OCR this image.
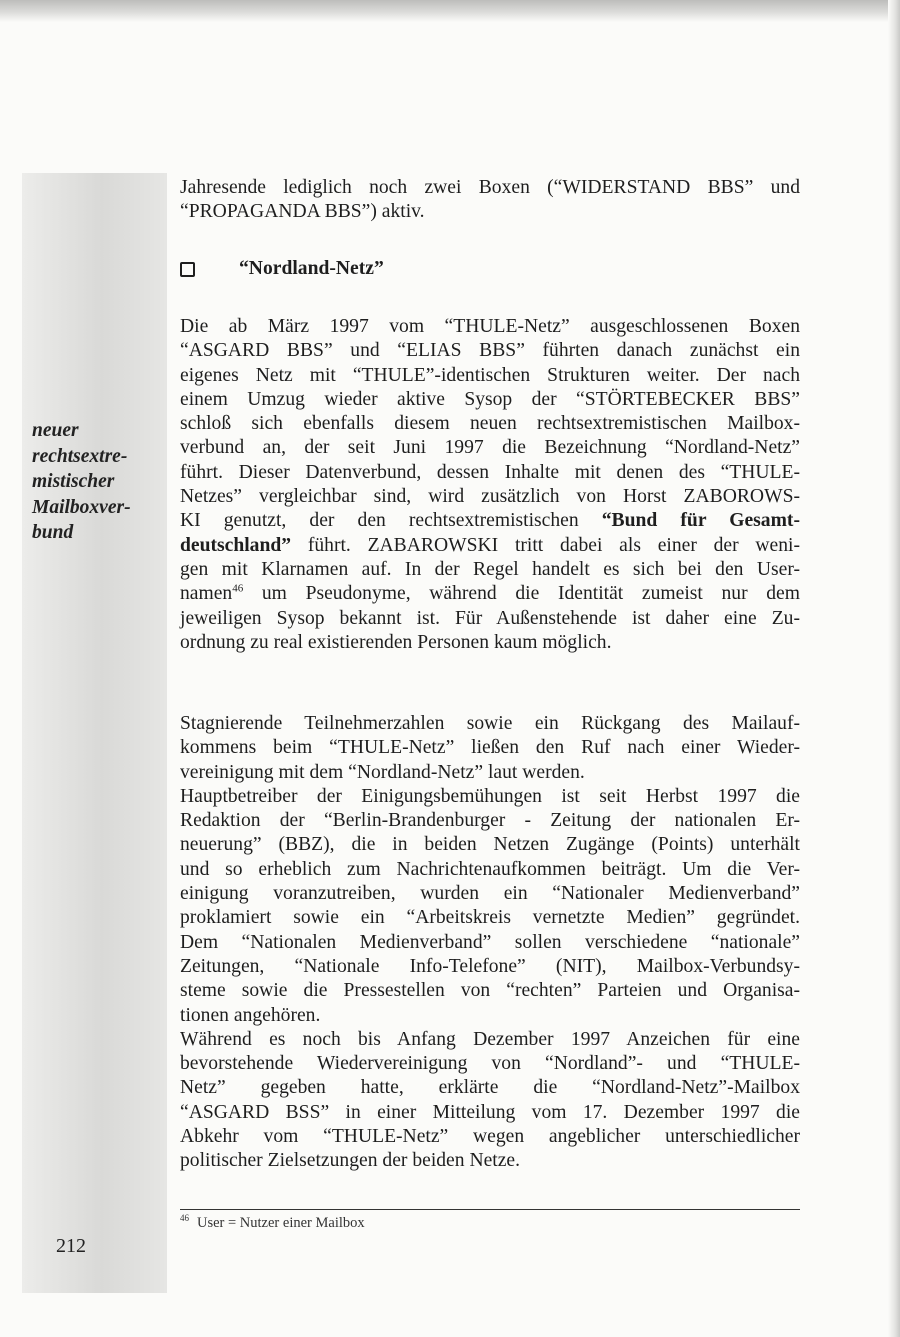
neuer
rechtsextre-
mistischer
Mailboxver-
bund
Jahresende lediglich noch zwei Boxen (“WIDERSTAND BBS” und
“PROPAGANDA BBS”) aktiv.
“Nordland-Netz”
Die ab März 1997 vom “THULE-Netz” ausgeschlossenen Boxen
“ASGARD BBS” und “ELIAS BBS” führten danach zunächst ein
eigenes Netz mit “THULE”-identischen Strukturen weiter. Der nach
einem Umzug wieder aktive Sysop der “STÖRTEBECKER BBS”
schloß sich ebenfalls diesem neuen rechtsextremistischen Mailbox-
verbund an, der seit Juni 1997 die Bezeichnung “Nordland-Netz”
führt. Dieser Datenverbund, dessen Inhalte mit denen des “THULE-
Netzes” vergleichbar sind, wird zusätzlich von Horst ZABOROWS-
KI genutzt, der den rechtsextremistischen “Bund für Gesamt-
deutschland” führt. ZABAROWSKI tritt dabei als einer der weni-
gen mit Klarnamen auf. In der Regel handelt es sich bei den User-
namen$^{46}$ um Pseudonyme, während die Identität zumeist nur dem
jeweiligen Sysop bekannt ist. Für Außenstehende ist daher eine Zu-
ordnung zu real existierenden Personen kaum möglich.
Stagnierende Teilnehmerzahlen sowie ein Rückgang des Mailauf-
kommens beim “THULE-Netz” ließen den Ruf nach einer Wieder-
vereinigung mit dem “Nordland-Netz” laut werden.
Hauptbetreiber der Einigungsbemühungen ist seit Herbst 1997 die
Redaktion der “Berlin-Brandenburger - Zeitung der nationalen Er-
neuerung” (BBZ), die in beiden Netzen Zugänge (Points) unterhält
und so erheblich zum Nachrichtenaufkommen beiträgt. Um die Ver-
einigung voranzutreiben, wurden ein “Nationaler Medienverband”
proklamiert sowie ein “Arbeitskreis vernetzte Medien” gegründet.
Dem “Nationalen Medienverband” sollen verschiedene “nationale”
Zeitungen, “Nationale Info-Telefone” (NIT), Mailbox-Verbundsy-
steme sowie die Pressestellen von “rechten” Parteien und Organisa-
tionen angehören.
Während es noch bis Anfang Dezember 1997 Anzeichen für eine
bevorstehende Wiedervereinigung von “Nordland”- und “THULE-
Netz” gegeben hatte, erklärte die “Nordland-Netz”-Mailbox
“ASGARD BSS” in einer Mitteilung vom 17. Dezember 1997 die
Abkehr vom “THULE-Netz” wegen angeblicher unterschiedlicher
politischer Zielsetzungen der beiden Netze.
$^{46}$ User = Nutzer einer Mailbox
212
